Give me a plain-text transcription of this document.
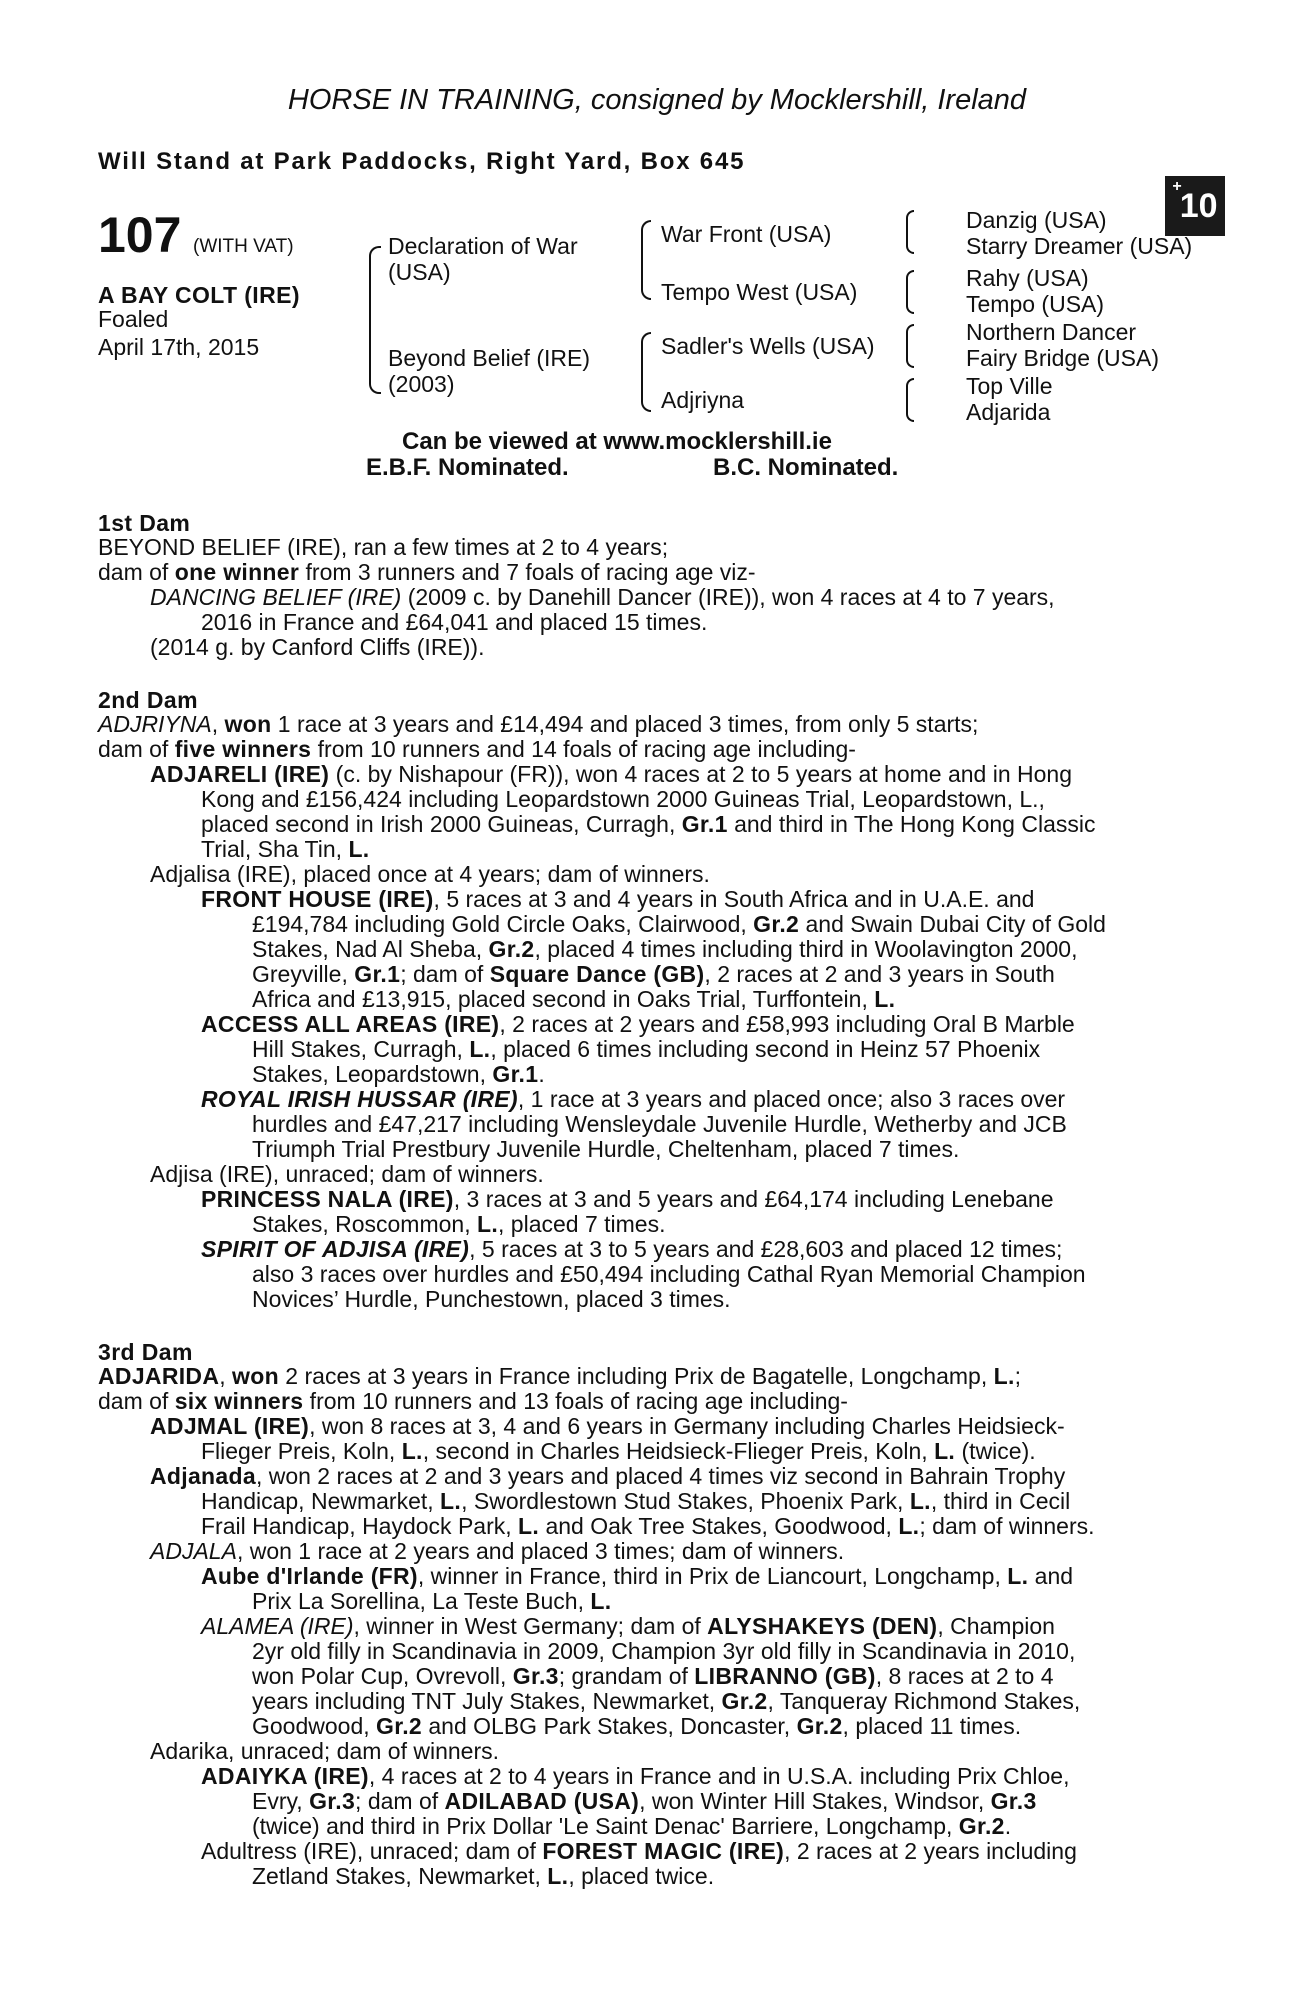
HORSE IN TRAINING, consigned by Mocklershill, Ireland
Will Stand at Park Paddocks, Right Yard, Box 645
+10
107 (WITH VAT)
A BAY COLT (IRE)
Foaled
April 17th, 2015
Declaration of War
(USA)
Beyond Belief (IRE)
(2003)
War Front (USA)
Tempo West (USA)
Sadler's Wells (USA)
Adjriyna
Danzig (USA)
Starry Dreamer (USA)
Rahy (USA)
Tempo (USA)
Northern Dancer
Fairy Bridge (USA)
Top Ville
Adjarida
Can be viewed at www.mocklershill.ie
E.B.F. Nominated.	B.C. Nominated.
1st Dam
BEYOND BELIEF (IRE), ran a few times at 2 to 4 years;
dam of one winner from 3 runners and 7 foals of racing age viz-
DANCING BELIEF (IRE) (2009 c. by Danehill Dancer (IRE)), won 4 races at 4 to 7 years,
2016 in France and £64,041 and placed 15 times.
(2014 g. by Canford Cliffs (IRE)).
2nd Dam
ADJRIYNA, won 1 race at 3 years and £14,494 and placed 3 times, from only 5 starts;
dam of five winners from 10 runners and 14 foals of racing age including-
ADJARELI (IRE) (c. by Nishapour (FR)), won 4 races at 2 to 5 years at home and in Hong
Kong and £156,424 including Leopardstown 2000 Guineas Trial, Leopardstown, L.,
placed second in Irish 2000 Guineas, Curragh, Gr.1 and third in The Hong Kong Classic
Trial, Sha Tin, L.
Adjalisa (IRE), placed once at 4 years; dam of winners.
FRONT HOUSE (IRE), 5 races at 3 and 4 years in South Africa and in U.A.E. and
£194,784 including Gold Circle Oaks, Clairwood, Gr.2 and Swain Dubai City of Gold
Stakes, Nad Al Sheba, Gr.2, placed 4 times including third in Woolavington 2000,
Greyville, Gr.1; dam of Square Dance (GB), 2 races at 2 and 3 years in South
Africa and £13,915, placed second in Oaks Trial, Turffontein, L.
ACCESS ALL AREAS (IRE), 2 races at 2 years and £58,993 including Oral B Marble
Hill Stakes, Curragh, L., placed 6 times including second in Heinz 57 Phoenix
Stakes, Leopardstown, Gr.1.
ROYAL IRISH HUSSAR (IRE), 1 race at 3 years and placed once; also 3 races over
hurdles and £47,217 including Wensleydale Juvenile Hurdle, Wetherby and JCB
Triumph Trial Prestbury Juvenile Hurdle, Cheltenham, placed 7 times.
Adjisa (IRE), unraced; dam of winners.
PRINCESS NALA (IRE), 3 races at 3 and 5 years and £64,174 including Lenebane
Stakes, Roscommon, L., placed 7 times.
SPIRIT OF ADJISA (IRE), 5 races at 3 to 5 years and £28,603 and placed 12 times;
also 3 races over hurdles and £50,494 including Cathal Ryan Memorial Champion
Novices’ Hurdle, Punchestown, placed 3 times.
3rd Dam
ADJARIDA, won 2 races at 3 years in France including Prix de Bagatelle, Longchamp, L.;
dam of six winners from 10 runners and 13 foals of racing age including-
ADJMAL (IRE), won 8 races at 3, 4 and 6 years in Germany including Charles Heidsieck-
Flieger Preis, Koln, L., second in Charles Heidsieck-Flieger Preis, Koln, L. (twice).
Adjanada, won 2 races at 2 and 3 years and placed 4 times viz second in Bahrain Trophy
Handicap, Newmarket, L., Swordlestown Stud Stakes, Phoenix Park, L., third in Cecil
Frail Handicap, Haydock Park, L. and Oak Tree Stakes, Goodwood, L.; dam of winners.
ADJALA, won 1 race at 2 years and placed 3 times; dam of winners.
Aube d'Irlande (FR), winner in France, third in Prix de Liancourt, Longchamp, L. and
Prix La Sorellina, La Teste Buch, L.
ALAMEA (IRE), winner in West Germany; dam of ALYSHAKEYS (DEN), Champion
2yr old filly in Scandinavia in 2009, Champion 3yr old filly in Scandinavia in 2010,
won Polar Cup, Ovrevoll, Gr.3; grandam of LIBRANNO (GB), 8 races at 2 to 4
years including TNT July Stakes, Newmarket, Gr.2, Tanqueray Richmond Stakes,
Goodwood, Gr.2 and OLBG Park Stakes, Doncaster, Gr.2, placed 11 times.
Adarika, unraced; dam of winners.
ADAIYKA (IRE), 4 races at 2 to 4 years in France and in U.S.A. including Prix Chloe,
Evry, Gr.3; dam of ADILABAD (USA), won Winter Hill Stakes, Windsor, Gr.3
(twice) and third in Prix Dollar 'Le Saint Denac' Barriere, Longchamp, Gr.2.
Adultress (IRE), unraced; dam of FOREST MAGIC (IRE), 2 races at 2 years including
Zetland Stakes, Newmarket, L., placed twice.
